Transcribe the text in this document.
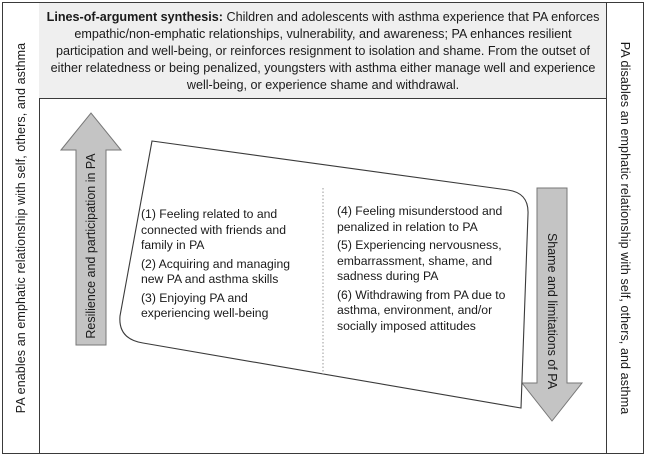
PA enables an emphatic relationship with self, others, and asthma
Lines-of-argument synthesis: Children and adolescents with asthma experience that PA enforces empathic/non-emphatic relationships, vulnerability, and awareness; PA enhances resilient participation and well-being, or reinforces resignment to isolation and shame. From the outset of either relatedness or being penalized, youngsters with asthma either manage well and experience well-being, or experience shame and withdrawal.	PA disables an emphatic relationship with self, others, and asthma
Resilience and participation in PA	Shame and limitations of PA

(1) Feeling related to and connected with friends and family in PA

(2) Acquiring and managing new PA and asthma skills

(3) Enjoying PA and experiencing well-being

(4) Feeling misunderstood and penalized in relation to PA

(5) Experiencing nervousness, embarrassment, shame, and sadness during PA

(6) Withdrawing from PA due to asthma, environment, and/or socially imposed attitudes
